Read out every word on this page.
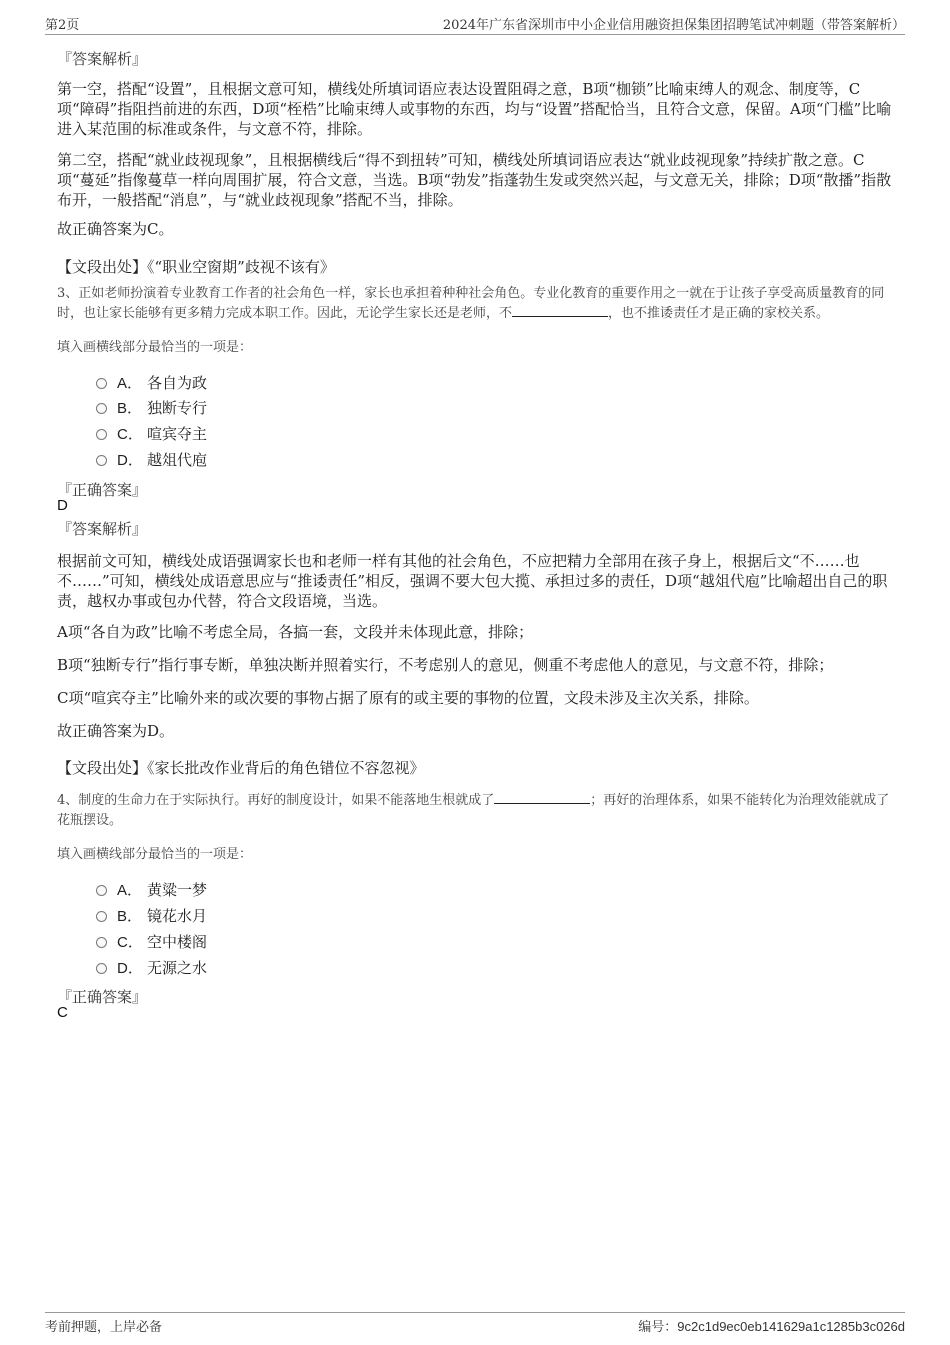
第2页	2024年广东省深圳市中小企业信用融资担保集团招聘笔试冲刺题（带答案解析）
『答案解析』
第一空，搭配“设置”，且根据文意可知，横线处所填词语应表达设置阻碍之意，B项“枷锁”比喻束缚人的观念、制度等，C项“障碍”指阻挡前进的东西，D项“桎梏”比喻束缚人或事物的东西，均与“设置”搭配恰当，且符合文意，保留。A项“门槛”比喻进入某范围的标准或条件，与文意不符，排除。
第二空，搭配“就业歧视现象”，且根据横线后“得不到扭转”可知，横线处所填词语应表达“就业歧视现象”持续扩散之意。C项“蔓延”指像蔓草一样向周围扩展，符合文意，当选。B项“勃发”指蓬勃生发或突然兴起，与文意无关，排除；D项“散播”指散布开，一般搭配“消息”，与“就业歧视现象”搭配不当，排除。
故正确答案为C。
【文段出处】《“职业空窗期”歧视不该有》
3、正如老师扮演着专业教育工作者的社会角色一样，家长也承担着种种社会角色。专业化教育的重要作用之一就在于让孩子享受高质量教育的同时，也让家长能够有更多精力完成本职工作。因此，无论学生家长还是老师，不	，也不推诿责任才是正确的家校关系。
填入画横线部分最恰当的一项是：
A． 各自为政
B． 独断专行
C． 喧宾夺主
D． 越俎代庖
『正确答案』
D
『答案解析』
根据前文可知，横线处成语强调家长也和老师一样有其他的社会角色，不应把精力全部用在孩子身上，根据后文“不……也不……”可知，横线处成语意思应与“推诿责任”相反，强调不要大包大揽、承担过多的责任，D项“越俎代庖”比喻超出自己的职责，越权办事或包办代替，符合文段语境，当选。
A项“各自为政”比喻不考虑全局，各搞一套，文段并未体现此意，排除；
B项“独断专行”指行事专断，单独决断并照着实行，不考虑别人的意见，侧重不考虑他人的意见，与文意不符，排除；
C项“喧宾夺主”比喻外来的或次要的事物占据了原有的或主要的事物的位置，文段未涉及主次关系，排除。
故正确答案为D。
【文段出处】《家长批改作业背后的角色错位不容忽视》
4、制度的生命力在于实际执行。再好的制度设计，如果不能落地生根就成了	；再好的治理体系，如果不能转化为治理效能就成了花瓶摆设。
填入画横线部分最恰当的一项是：
A． 黄粱一梦
B． 镜花水月
C． 空中楼阁
D． 无源之水
『正确答案』
C
考前押题，上岸必备	编号：9c2c1d9ec0eb141629a1c1285b3c026d
